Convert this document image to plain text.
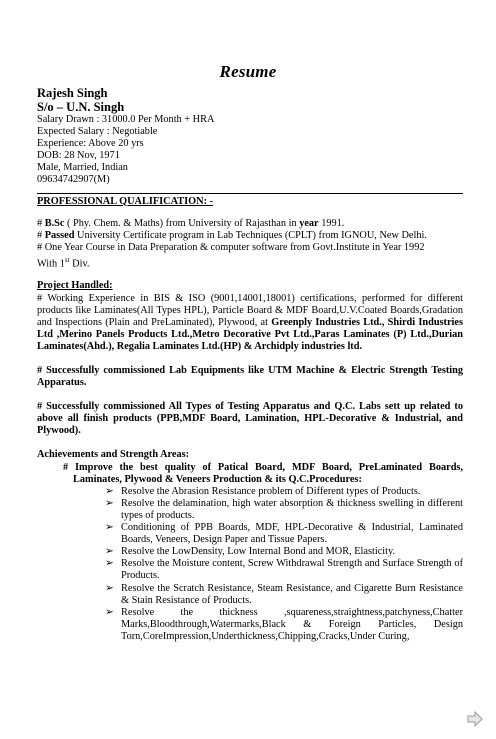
Resume
Rajesh Singh
S/o – U.N. Singh
Salary Drawn : 31000.0 Per Month + HRA
Expected Salary : Negotiable
Experience: Above 20 yrs
DOB: 28 Nov, 1971
Male, Married, Indian
09634742907(M)
PROFESSIONAL QUALIFICATION: -
# B.Sc ( Phy. Chem. & Maths) from University of Rajasthan in year 1991.
# Passed University Certificate program in Lab Techniques (CPLT) from IGNOU, New Delhi.
# One Year Course in Data Preparation & computer software from Govt.Institute in Year 1992
With 1st Div.
Project Handled:
# Working Experience in BIS & ISO (9001,14001,18001) certifications, performed for different products like Laminates(All Types HPL), Particle Board & MDF Board,U.V.Coated Boards,Gradation and Inspections (Plain and PreLaminated), Plywood, at Greenply Industries Ltd., Shirdi Industries Ltd ,Merino Panels Products Ltd.,Metro Decorative Pvt Ltd.,Paras Laminates (P) Ltd.,Durian Laminates(Ahd.), Regalia Laminates Ltd.(HP) & Archidply industries ltd.
# Successfully commissioned Lab Equipments like UTM Machine & Electric Strength Testing Apparatus.
# Successfully commissioned All Types of Testing Apparatus and Q.C. Labs sett up related to above all finish products (PPB,MDF Board, Lamination, HPL-Decorative & Industrial, and Plywood).
Achievements and Strength Areas:
# Improve the best quality of Patical Board, MDF Board, PreLaminated Boards, Laminates, Plywood & Veneers Production & its Q.C.Procedures:
➢ Resolve the Abrasion Resistance problem of Different types of Products.
➢ Resolve the delamination, high water absorption & thickness swelling in different types of products.
➢ Conditioning of PPB Boards, MDF, HPL-Decorative & Industrial, Laminated Boards, Veneers, Design Paper and Tissue Papers.
➢ Resolve the LowDensity, Low Internal Bond and MOR, Elasticity.
➢ Resolve the Moisture content, Screw Withdrawal Strength and Surface Strength of Products.
➢ Resolve the Scratch Resistance, Steam Resistance, and Cigarette Burn Resistance & Stain Resistance of Products.
➢ Resolve the thickness ,squareness,straightness,patchyness,Chatter Marks,Bloodthrough,Watermarks,Black & Foreign Particles, Design Torn,CoreImpression,Underthickness,Chipping,Cracks,Under Curing,
